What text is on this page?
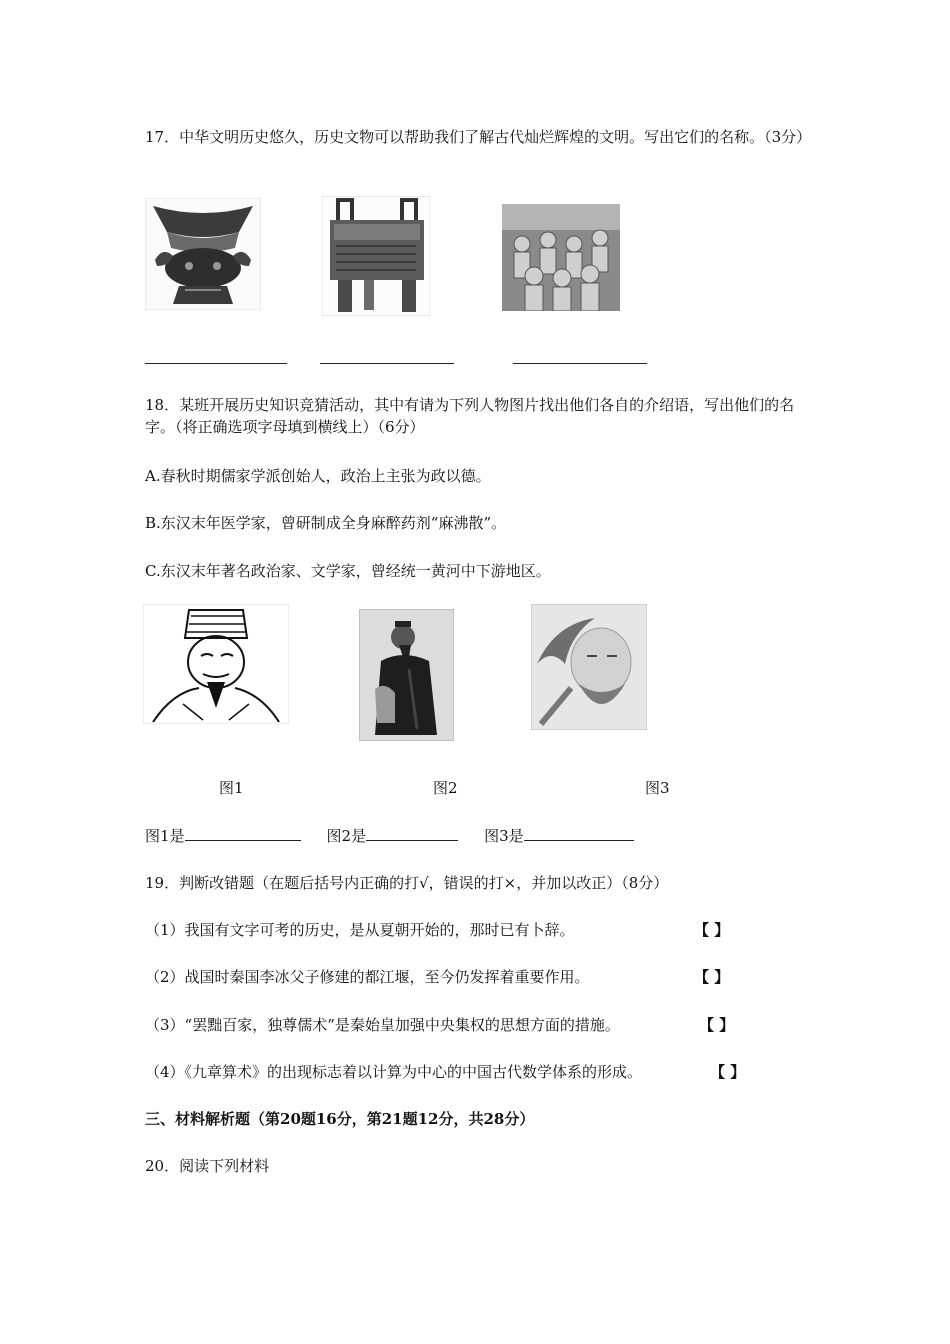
17．中华文明历史悠久，历史文物可以帮助我们了解古代灿烂辉煌的文明。写出它们的名称。（3分）
18．某班开展历史知识竞猜活动，其中有请为下列人物图片找出他们各自的介绍语，写出他们的名字。（将正确选项字母填到横线上）（6分）
A.春秋时期儒家学派创始人，政治上主张为政以德。
B.东汉末年医学家，曾研制成全身麻醉药剂“麻沸散”。
C.东汉末年著名政治家、文学家，曾经统一黄河中下游地区。
图1	图2	图3
图1是	图2是	图3是
19．判断改错题（在题后括号内正确的打√，错误的打×，并加以改正）（8分）
（1）我国有文字可考的历史，是从夏朝开始的，那时已有卜辞。	【 】
（2）战国时秦国李冰父子修建的都江堰，至今仍发挥着重要作用。	【 】
（3）“罢黜百家，独尊儒术”是秦始皇加强中央集权的思想方面的措施。	【 】
（4）《九章算术》的出现标志着以计算为中心的中国古代数学体系的形成。	【 】
三、材料解析题（第20题16分，第21题12分，共28分）
20．阅读下列材料
